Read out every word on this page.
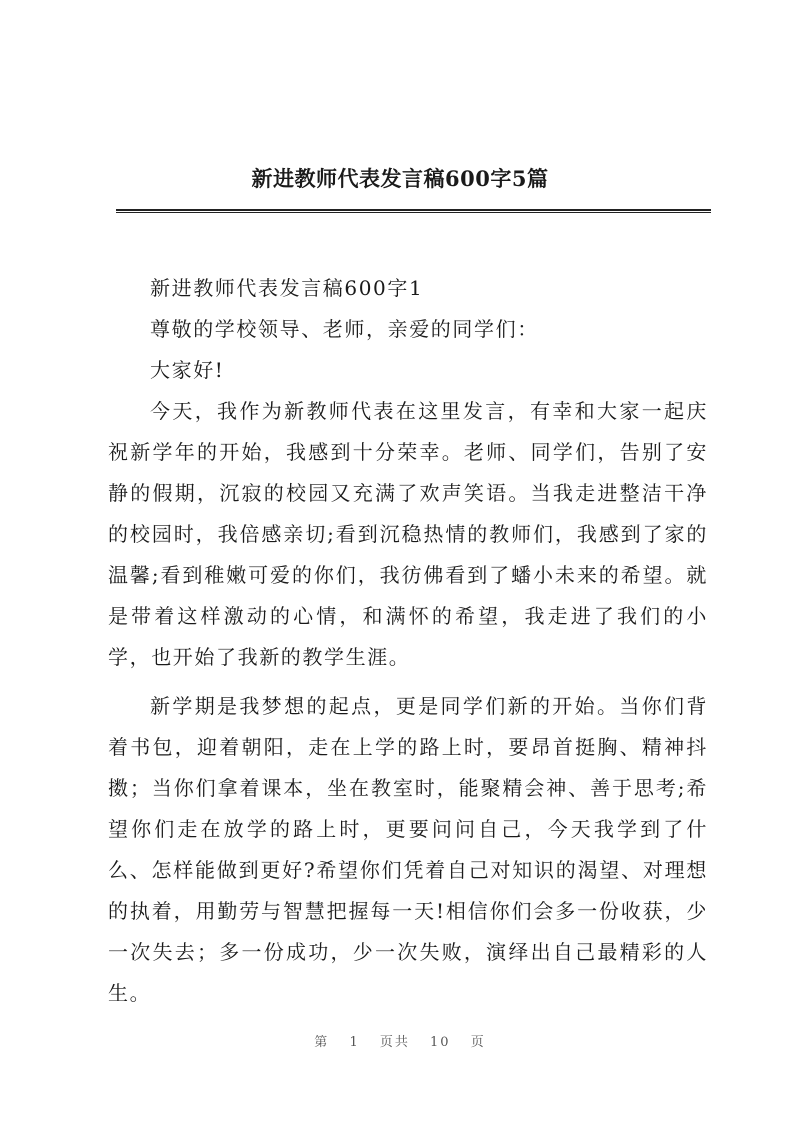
新进教师代表发言稿600字5篇

新进教师代表发言稿600字1

尊敬的学校领导、老师，亲爱的同学们：

大家好!

今天，我作为新教师代表在这里发言，有幸和大家一起庆祝新学年的开始，我感到十分荣幸。老师、同学们，告别了安静的假期，沉寂的校园又充满了欢声笑语。当我走进整洁干净的校园时，我倍感亲切;看到沉稳热情的教师们，我感到了家的温馨;看到稚嫩可爱的你们，我彷佛看到了蟠小未来的希望。就是带着这样激动的心情，和满怀的希望，我走进了我们的小学，也开始了我新的教学生涯。

新学期是我梦想的起点，更是同学们新的开始。当你们背着书包，迎着朝阳，走在上学的路上时，要昂首挺胸、精神抖擞；当你们拿着课本，坐在教室时，能聚精会神、善于思考;希望你们走在放学的路上时，更要问问自己，今天我学到了什么、怎样能做到更好?希望你们凭着自己对知识的渴望、对理想的执着，用勤劳与智慧把握每一天!相信你们会多一份收获，少一次失去；多一份成功，少一次失败，演绎出自己最精彩的人生。

第 1 页共 10 页
